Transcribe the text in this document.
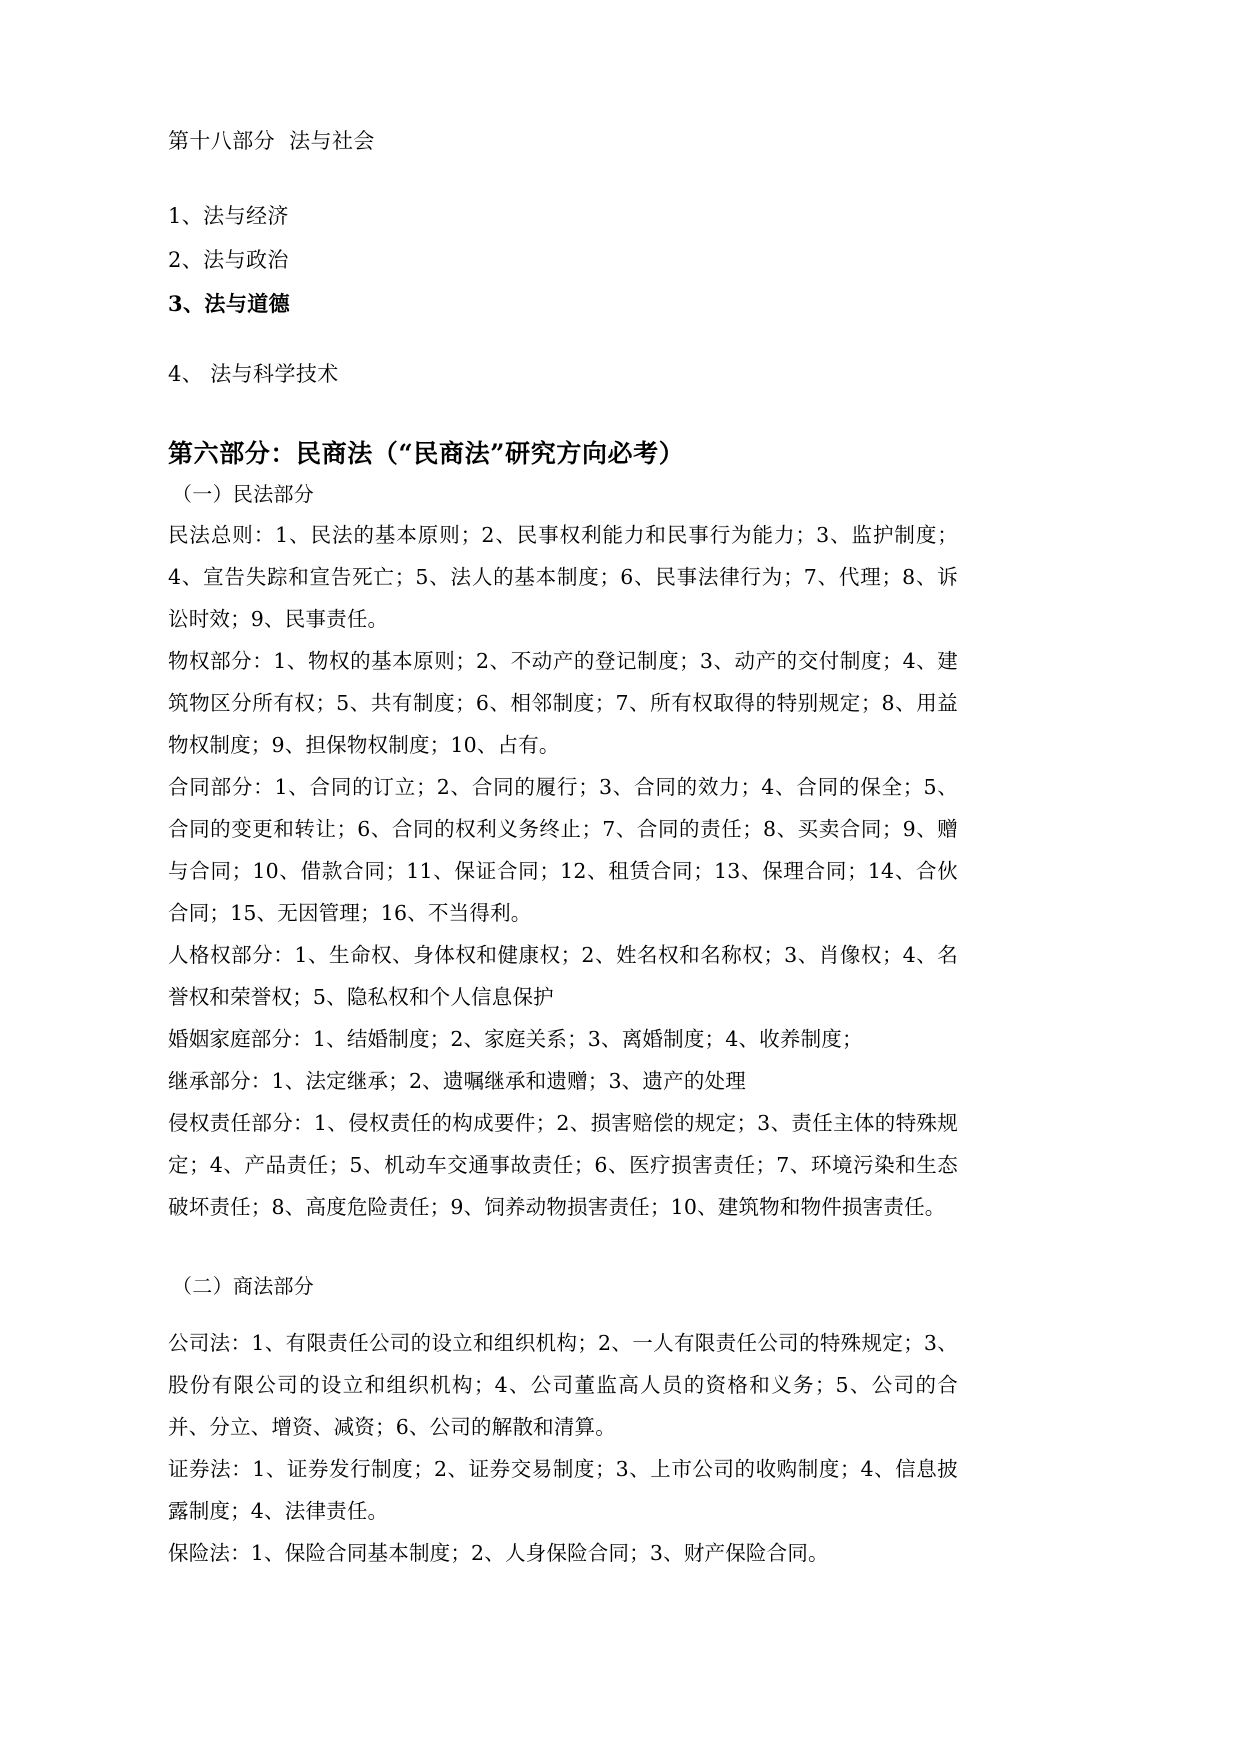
第十八部分  法与社会
1、法与经济
2、法与政治
3、法与道德
4、 法与科学技术
第六部分：民商法（“民商法”研究方向必考）
（一）民法部分

民法总则：1、民法的基本原则；2、民事权利能力和民事行为能力；3、监护制度；4、宣告失踪和宣告死亡；5、法人的基本制度；6、民事法律行为；7、代理；8、诉讼时效；9、民事责任。

物权部分：1、物权的基本原则；2、不动产的登记制度；3、动产的交付制度；4、建筑物区分所有权；5、共有制度；6、相邻制度；7、所有权取得的特别规定；8、用益物权制度；9、担保物权制度；10、占有。

合同部分：1、合同的订立；2、合同的履行；3、合同的效力；4、合同的保全；5、合同的变更和转让；6、合同的权利义务终止；7、合同的责任；8、买卖合同；9、赠与合同；10、借款合同；11、保证合同；12、租赁合同；13、保理合同；14、合伙合同；15、无因管理；16、不当得利。

人格权部分：1、生命权、身体权和健康权；2、姓名权和名称权；3、肖像权；4、名誉权和荣誉权；5、隐私权和个人信息保护

婚姻家庭部分：1、结婚制度；2、家庭关系；3、离婚制度；4、收养制度；

继承部分：1、法定继承；2、遗嘱继承和遗赠；3、遗产的处理

侵权责任部分：1、侵权责任的构成要件；2、损害赔偿的规定；3、责任主体的特殊规定；4、产品责任；5、机动车交通事故责任；6、医疗损害责任；7、环境污染和生态破坏责任；8、高度危险责任；9、饲养动物损害责任；10、建筑物和物件损害责任。

（二）商法部分

公司法：1、有限责任公司的设立和组织机构；2、一人有限责任公司的特殊规定；3、股份有限公司的设立和组织机构；4、公司董监高人员的资格和义务；5、公司的合并、分立、增资、减资；6、公司的解散和清算。

证券法：1、证券发行制度；2、证券交易制度；3、上市公司的收购制度；4、信息披露制度；4、法律责任。

保险法：1、保险合同基本制度；2、人身保险合同；3、财产保险合同。
